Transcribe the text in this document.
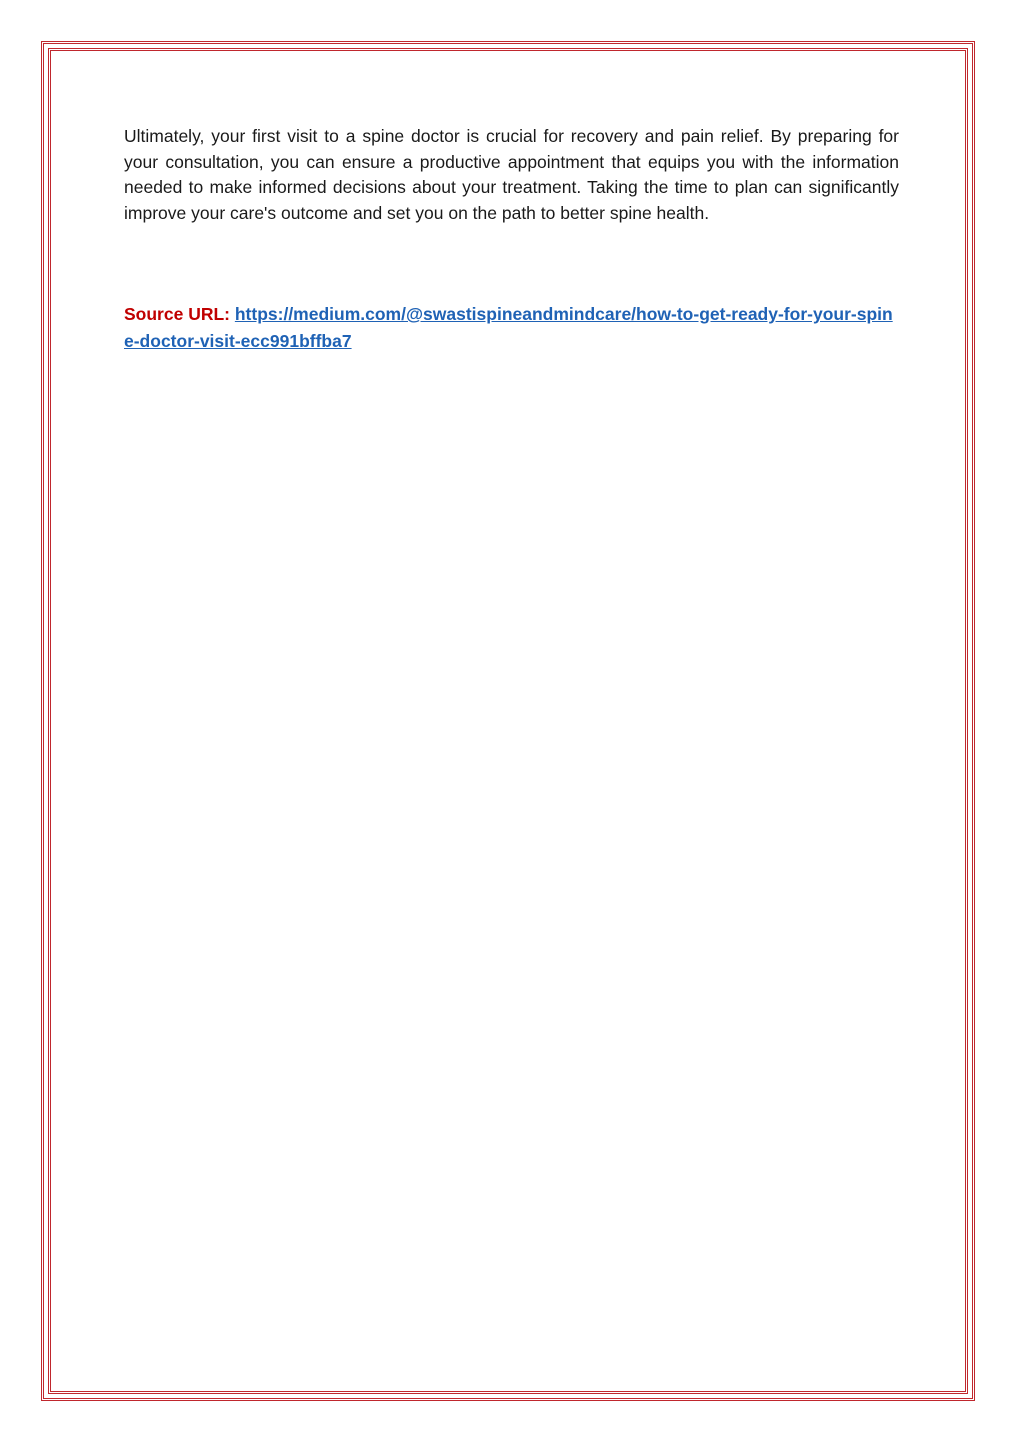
Ultimately, your first visit to a spine doctor is crucial for recovery and pain relief. By preparing for your consultation, you can ensure a productive appointment that equips you with the information needed to make informed decisions about your treatment. Taking the time to plan can significantly improve your care's outcome and set you on the path to better spine health.

Source URL: https://medium.com/@swastispineandmindcare/how-to-get-ready-for-your-spine-doctor-visit-ecc991bffba7
